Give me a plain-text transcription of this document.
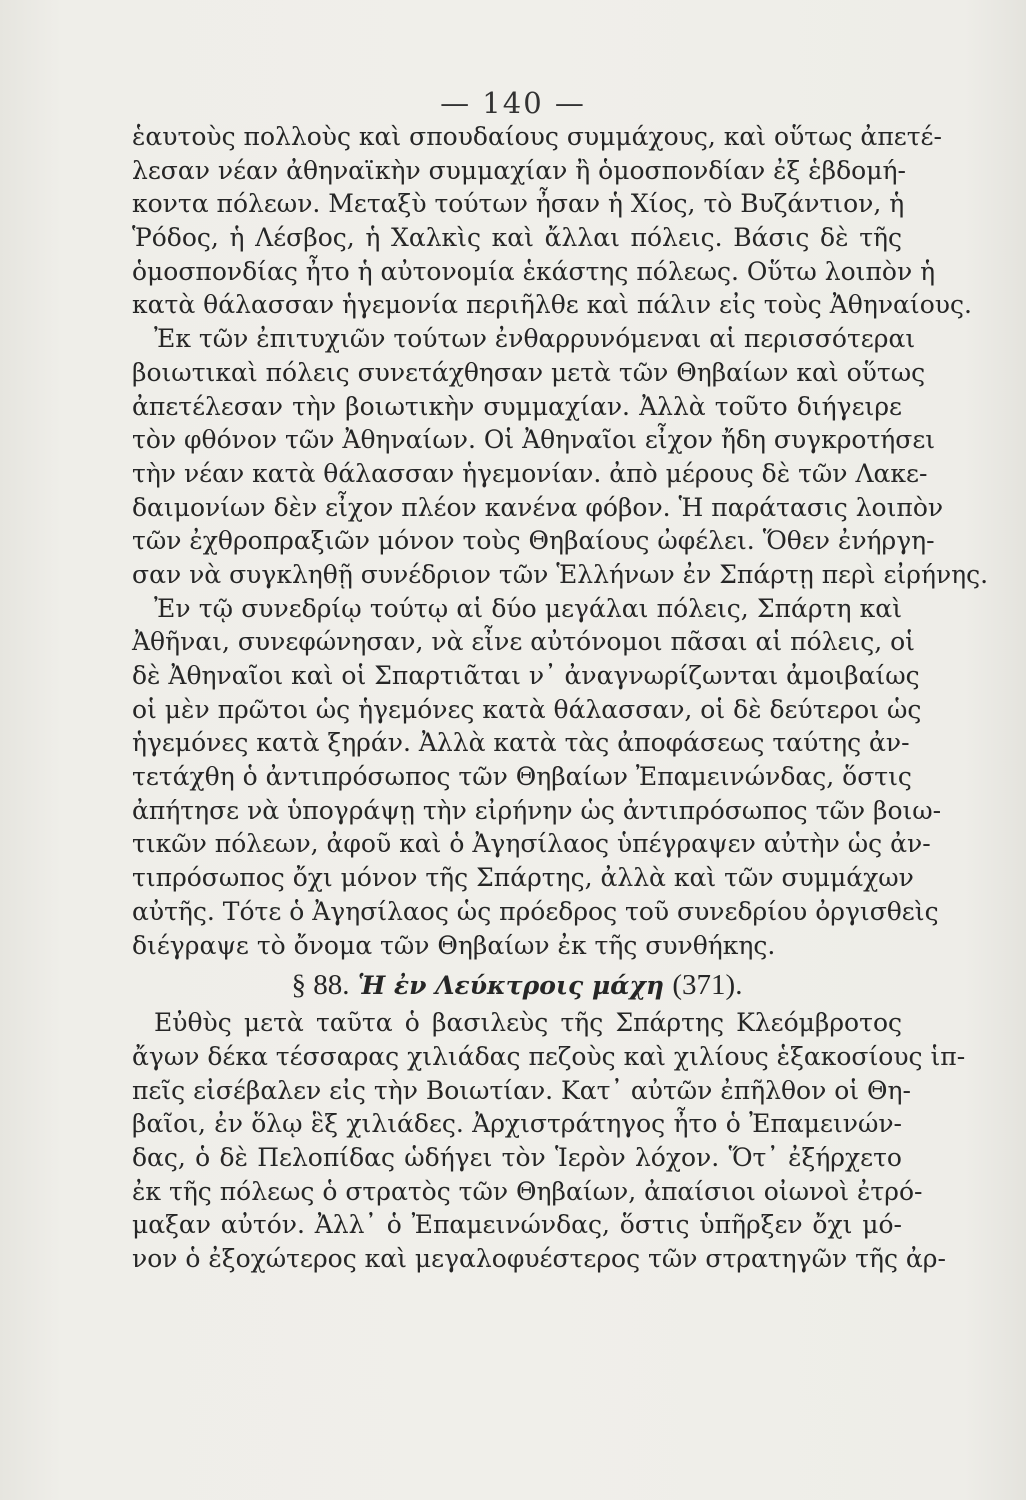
— 140 —
ἑαυτοὺς πολλοὺς καὶ σπουδαίους συμμάχους, καὶ οὕτως ἀπετέ-
λεσαν νέαν ἀθηναϊκὴν συμμαχίαν ἢ ὁμοσπονδίαν ἐξ ἑβδομή-
κοντα πόλεων. Μεταξὺ τούτων ἦσαν ἡ Χίος, τὸ Βυζάντιον, ἡ
Ῥόδος, ἡ Λέσβος, ἡ Χαλκὶς καὶ ἄλλαι πόλεις. Βάσις δὲ τῆς
ὁμοσπονδίας ἦτο ἡ αὐτονομία ἑκάστης πόλεως. Οὕτω λοιπὸν ἡ
κατὰ θάλασσαν ἡγεμονία περιῆλθε καὶ πάλιν εἰς τοὺς Ἀθηναίους.
Ἐκ τῶν ἐπιτυχιῶν τούτων ἐνθαρρυνόμεναι αἱ περισσότεραι
βοιωτικαὶ πόλεις συνετάχθησαν μετὰ τῶν Θηβαίων καὶ οὕτως
ἀπετέλεσαν τὴν βοιωτικὴν συμμαχίαν. Ἀλλὰ τοῦτο διήγειρε
τὸν φθόνον τῶν Ἀθηναίων. Οἱ Ἀθηναῖοι εἶχον ἤδη συγκροτήσει
τὴν νέαν κατὰ θάλασσαν ἡγεμονίαν. ἀπὸ μέρους δὲ τῶν Λακε-
δαιμονίων δὲν εἶχον πλέον κανένα φόβον. Ἡ παράτασις λοιπὸν
τῶν ἐχθροπραξιῶν μόνον τοὺς Θηβαίους ὠφέλει. Ὅθεν ἐνήργη-
σαν νὰ συγκληθῇ συνέδριον τῶν Ἑλλήνων ἐν Σπάρτῃ περὶ εἰρήνης.
Ἐν τῷ συνεδρίῳ τούτῳ αἱ δύο μεγάλαι πόλεις, Σπάρτη καὶ
Ἀθῆναι, συνεφώνησαν, νὰ εἶνε αὐτόνομοι πᾶσαι αἱ πόλεις, οἱ
δὲ Ἀθηναῖοι καὶ οἱ Σπαρτιᾶται ν᾽ ἀναγνωρίζωνται ἀμοιβαίως
οἱ μὲν πρῶτοι ὡς ἡγεμόνες κατὰ θάλασσαν, οἱ δὲ δεύτεροι ὡς
ἡγεμόνες κατὰ ξηράν. Ἀλλὰ κατὰ τὰς ἀποφάσεως ταύτης ἀν-
τετάχθη ὁ ἀντιπρόσωπος τῶν Θηβαίων Ἐπαμεινώνδας, ὅστις
ἀπήτησε νὰ ὑπογράψῃ τὴν εἰρήνην ὡς ἀντιπρόσωπος τῶν βοιω-
τικῶν πόλεων, ἀφοῦ καὶ ὁ Ἀγησίλαος ὑπέγραψεν αὐτὴν ὡς ἀν-
τιπρόσωπος ὄχι μόνον τῆς Σπάρτης, ἀλλὰ καὶ τῶν συμμάχων
αὐτῆς. Τότε ὁ Ἀγησίλαος ὡς πρόεδρος τοῦ συνεδρίου ὀργισθεὶς
διέγραψε τὸ ὄνομα τῶν Θηβαίων ἐκ τῆς συνθήκης.
§ 88. Ἡ ἐν Λεύκτροις μάχη (371).
Εὐθὺς μετὰ ταῦτα ὁ βασιλεὺς τῆς Σπάρτης Κλεόμβροτος
ἄγων δέκα τέσσαρας χιλιάδας πεζοὺς καὶ χιλίους ἑξακοσίους ἱπ-
πεῖς εἰσέβαλεν εἰς τὴν Βοιωτίαν. Κατ᾽ αὐτῶν ἐπῆλθον οἱ Θη-
βαῖοι, ἐν ὅλῳ ἓξ χιλιάδες. Ἀρχιστράτηγος ἦτο ὁ Ἐπαμεινών-
δας, ὁ δὲ Πελοπίδας ὡδήγει τὸν Ἱερὸν λόχον. Ὅτ᾽ ἐξήρχετο
ἐκ τῆς πόλεως ὁ στρατὸς τῶν Θηβαίων, ἀπαίσιοι οἰωνοὶ ἐτρό-
μαξαν αὐτόν. Ἀλλ᾽ ὁ Ἐπαμεινώνδας, ὅστις ὑπῆρξεν ὄχι μό-
νον ὁ ἐξοχώτερος καὶ μεγαλοφυέστερος τῶν στρατηγῶν τῆς ἀρ-
